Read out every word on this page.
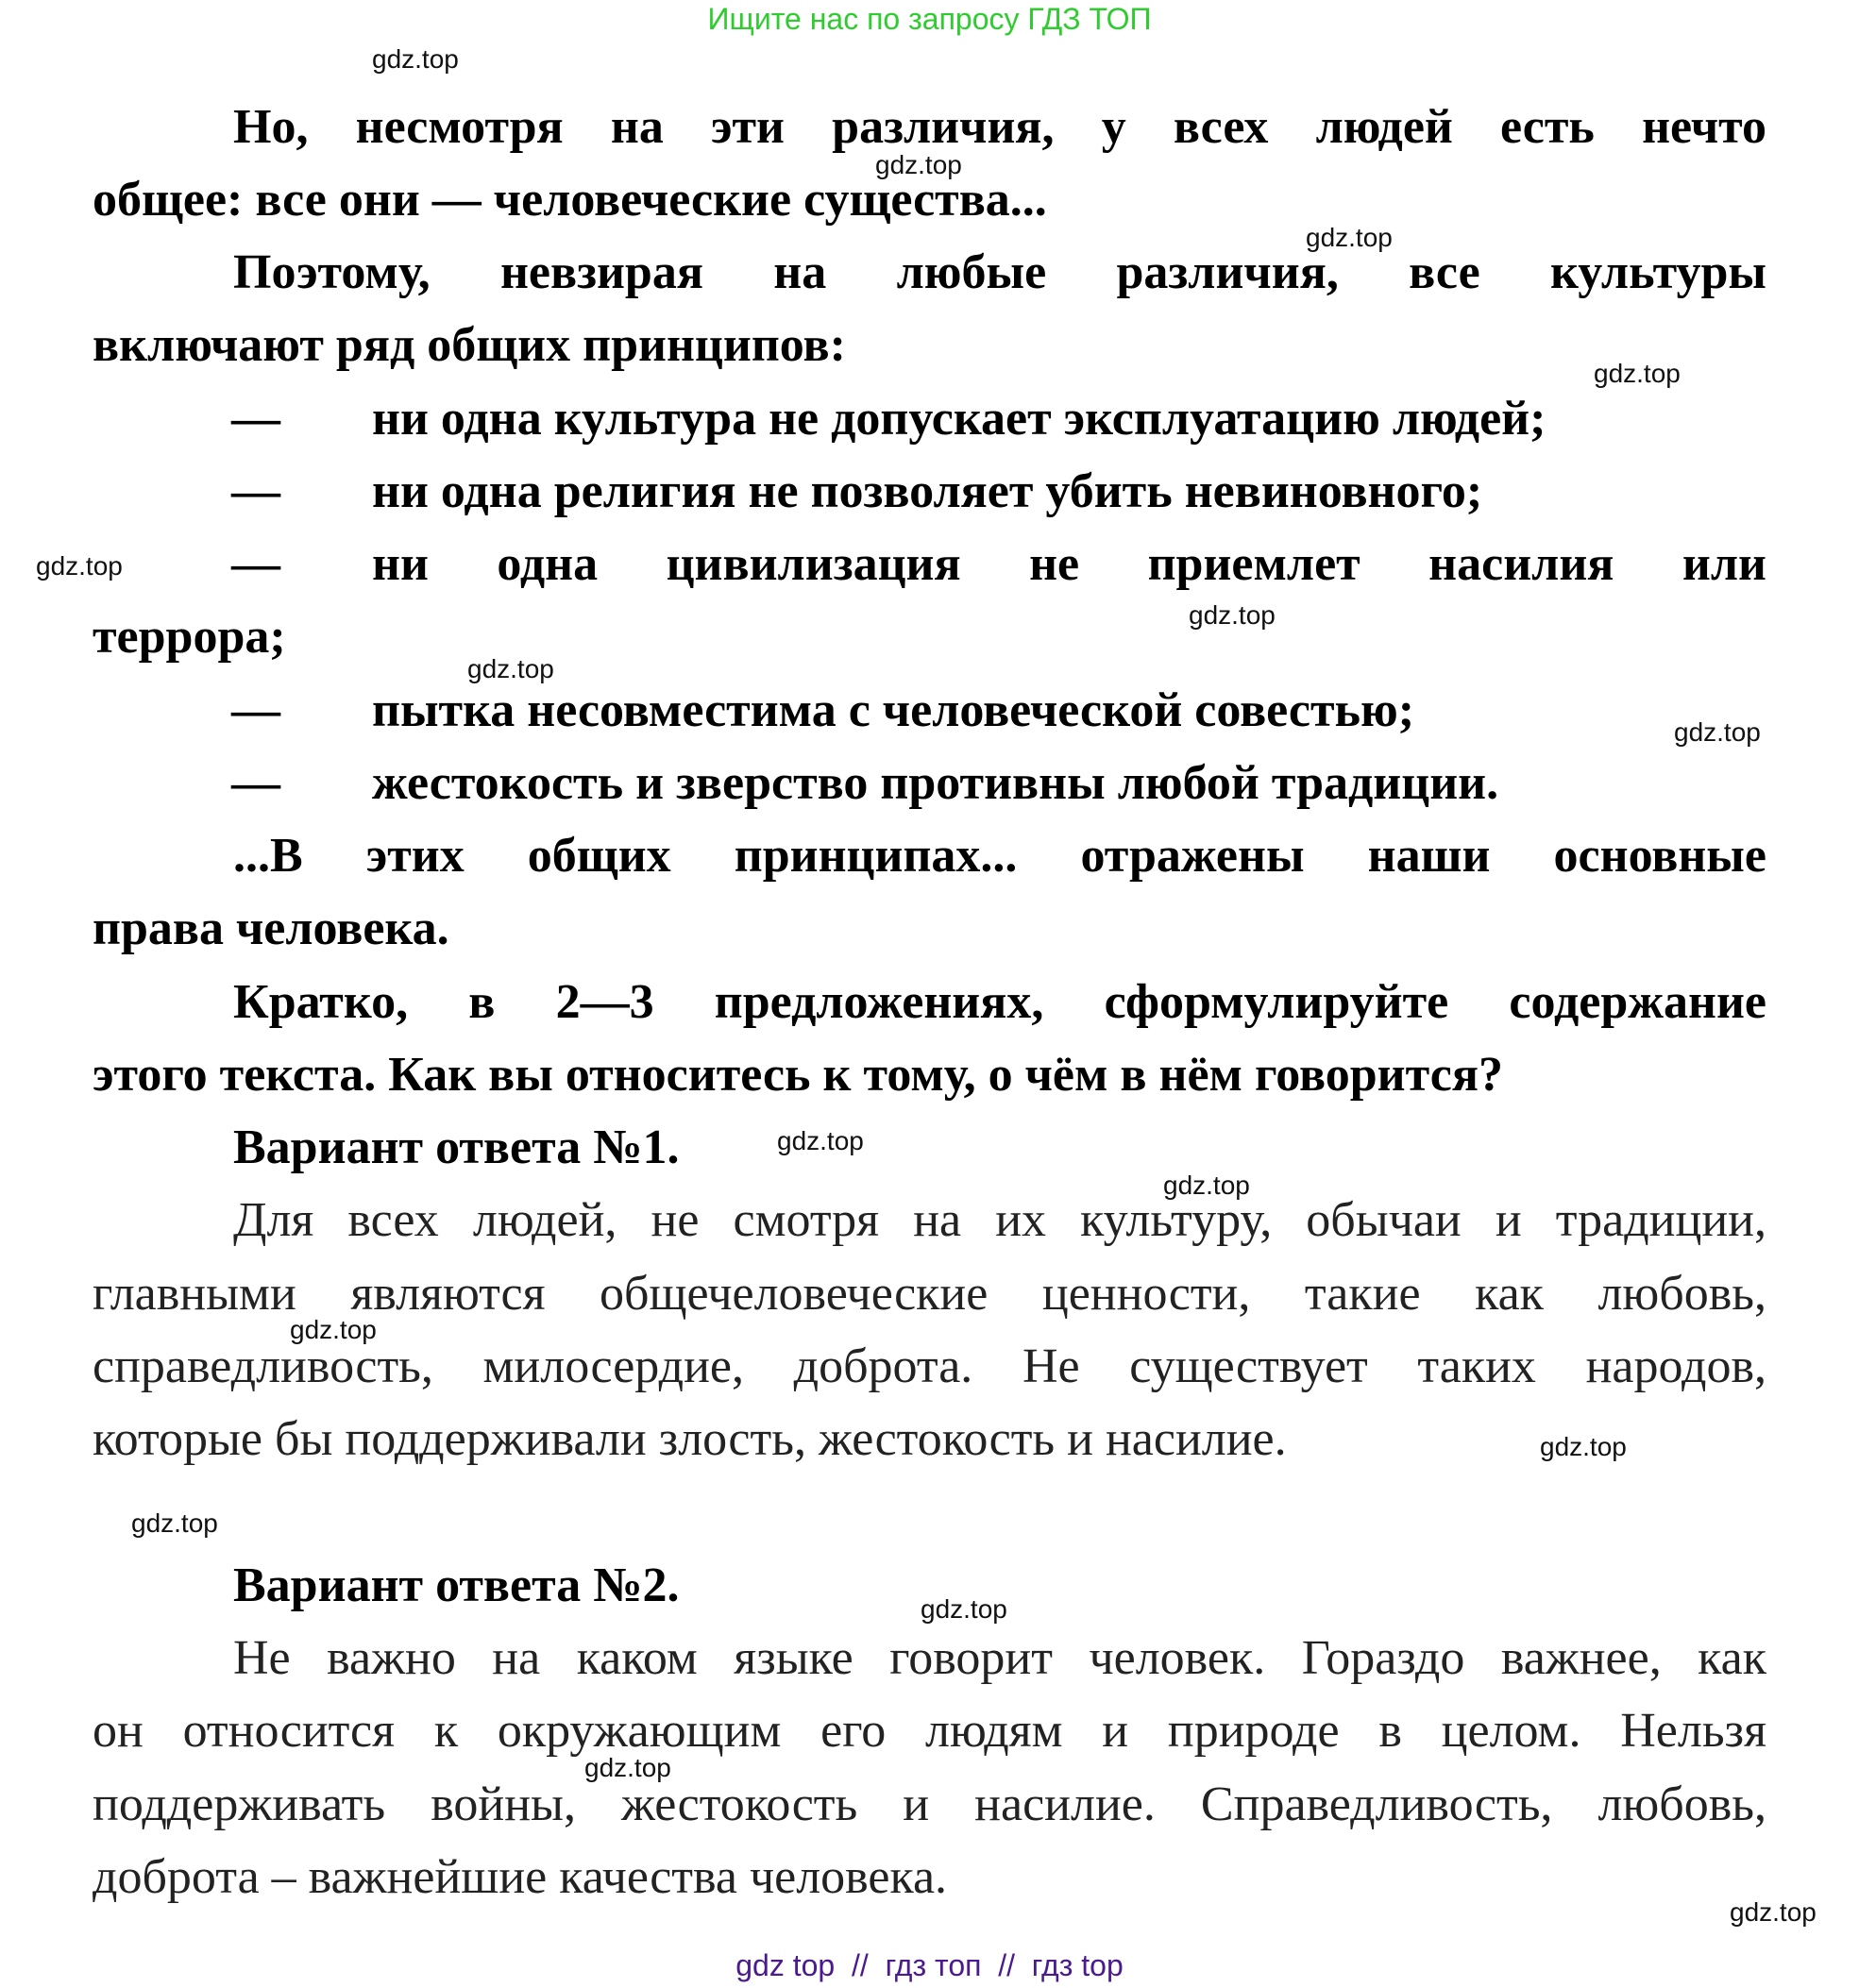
Ищите нас по запросу ГДЗ ТОП
Но, несмотря на эти различия, у всех людей есть нечто
общее: все они — человеческие существа...
Поэтому, невзирая на любые различия, все культуры
включают ряд общих принципов:
— ни одна культура не допускает эксплуатацию людей;
— ни одна религия не позволяет убить невиновного;
— ни одна цивилизация не приемлет насилия или
террора;
— пытка несовместима с человеческой совестью;
— жестокость и зверство противны любой традиции.
...В этих общих принципах... отражены наши основные
права человека.
Кратко, в 2—3 предложениях, сформулируйте содержание
этого текста. Как вы относитесь к тому, о чём в нём говорится?
Вариант ответа №1.
Для всех людей, не смотря на их культуру, обычаи и традиции,
главными являются общечеловеческие ценности, такие как любовь,
справедливость, милосердие, доброта. Не существует таких народов,
которые бы поддерживали злость, жестокость и насилие.
Вариант ответа №2.
Не важно на каком языке говорит человек. Гораздо важнее, как
он относится к окружающим его людям и природе в целом. Нельзя
поддерживать войны, жестокость и насилие. Справедливость, любовь,
доброта – важнейшие качества человека.
gdz.top
gdz.top
gdz.top
gdz.top
gdz.top
gdz.top
gdz.top
gdz.top
gdz.top
gdz.top
gdz.top
gdz.top
gdz.top
gdz.top
gdz.top
gdz.top
gdz top  //  гдз топ  //  гдз top
